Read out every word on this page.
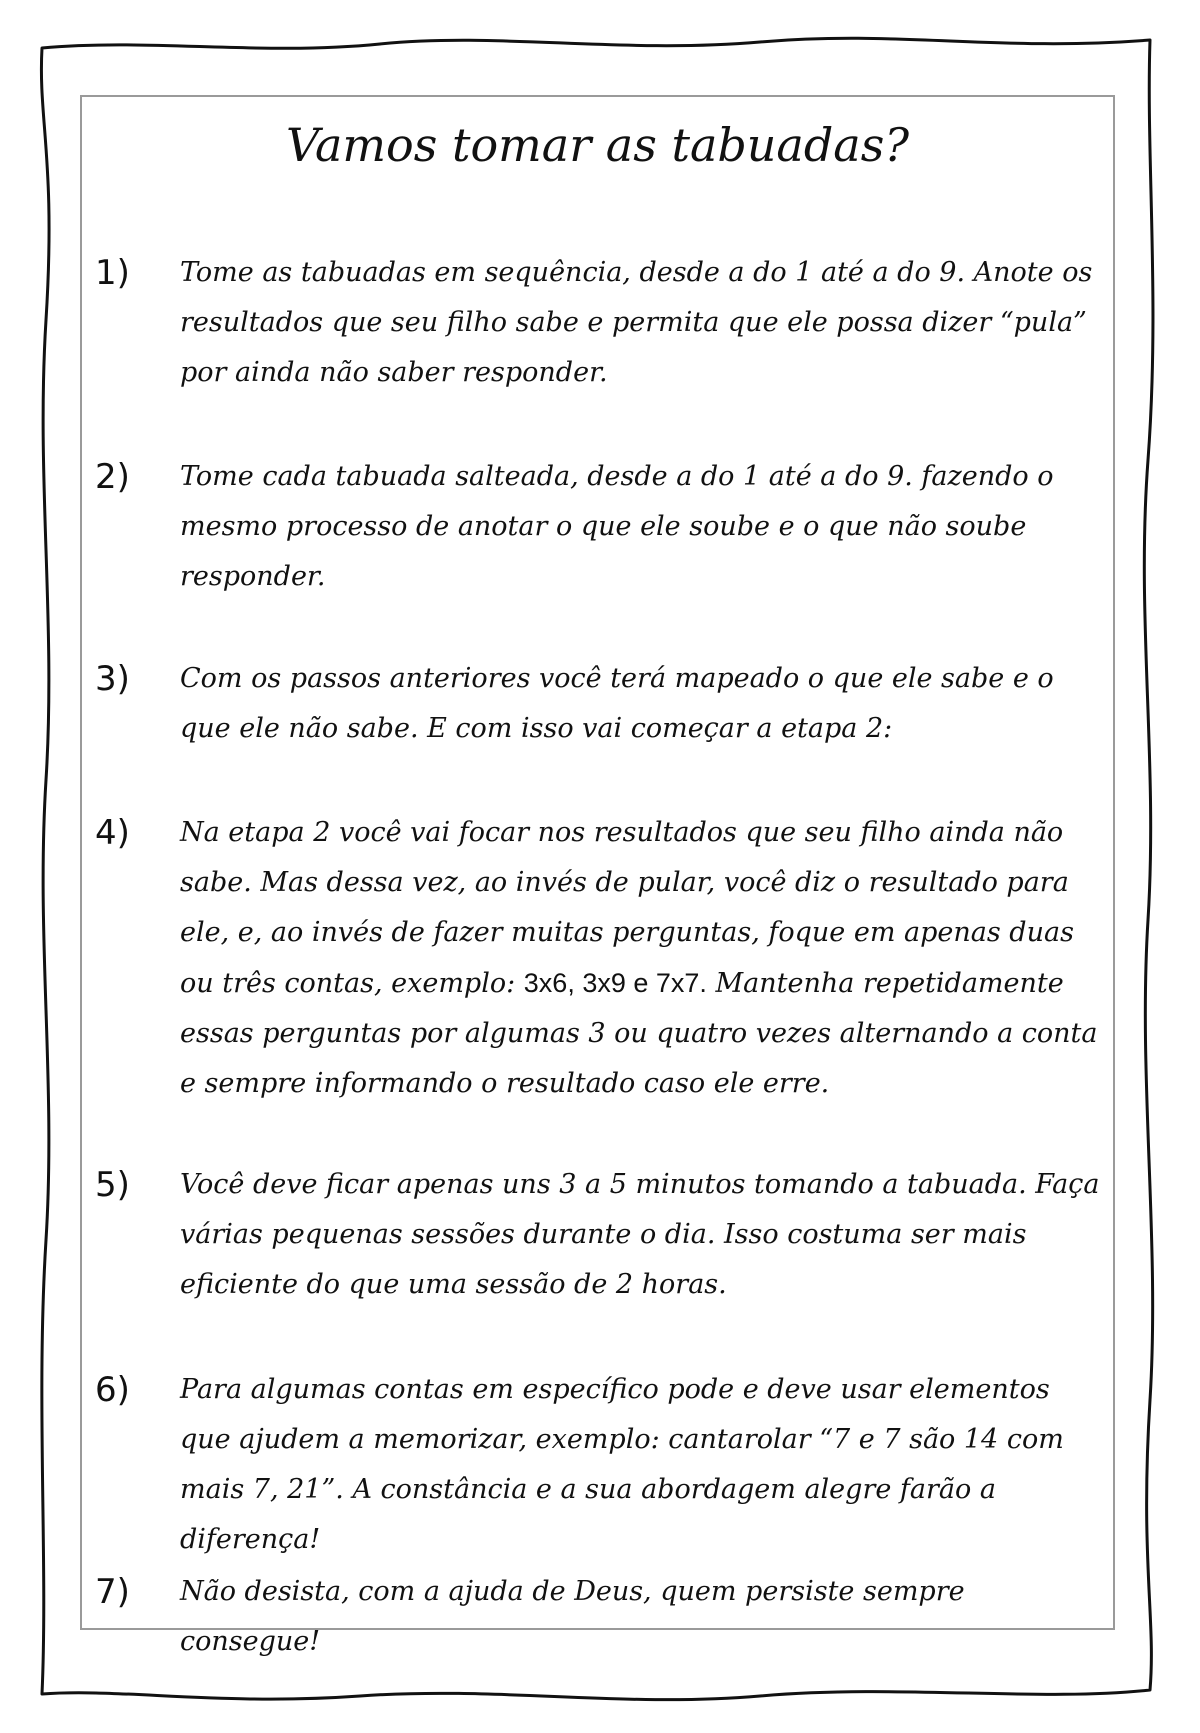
Vamos tomar as tabuadas?
1)	Tome as tabuadas em sequência, desde a do 1 até a do 9. Anote os resultados que seu filho sabe e permita que ele possa dizer “pula” por ainda não saber responder.
2)	Tome cada tabuada salteada, desde a do 1 até a do 9. fazendo o mesmo processo de anotar o que ele soube e o que não soube responder.
3)	Com os passos anteriores você terá mapeado o que ele sabe e o que ele não sabe. E com isso vai começar a etapa 2:
4)	Na etapa 2 você vai focar nos resultados que seu filho ainda não sabe. Mas dessa vez, ao invés de pular, você diz o resultado para ele, e, ao invés de fazer muitas perguntas, foque em apenas duas ou três contas, exemplo: 3x6, 3x9 e 7x7. Mantenha repetidamente essas perguntas por algumas 3 ou quatro vezes alternando a conta e sempre informando o resultado caso ele erre.
5)	Você deve ficar apenas uns 3 a 5 minutos tomando a tabuada. Faça várias pequenas sessões durante o dia. Isso costuma ser mais eficiente do que uma sessão de 2 horas.
6)	Para algumas contas em específico pode e deve usar elementos que ajudem a memorizar, exemplo: cantarolar “7 e 7 são 14 com mais 7, 21”. A constância e a sua abordagem alegre farão a diferença!
7)	Não desista, com a ajuda de Deus, quem persiste sempre consegue!
